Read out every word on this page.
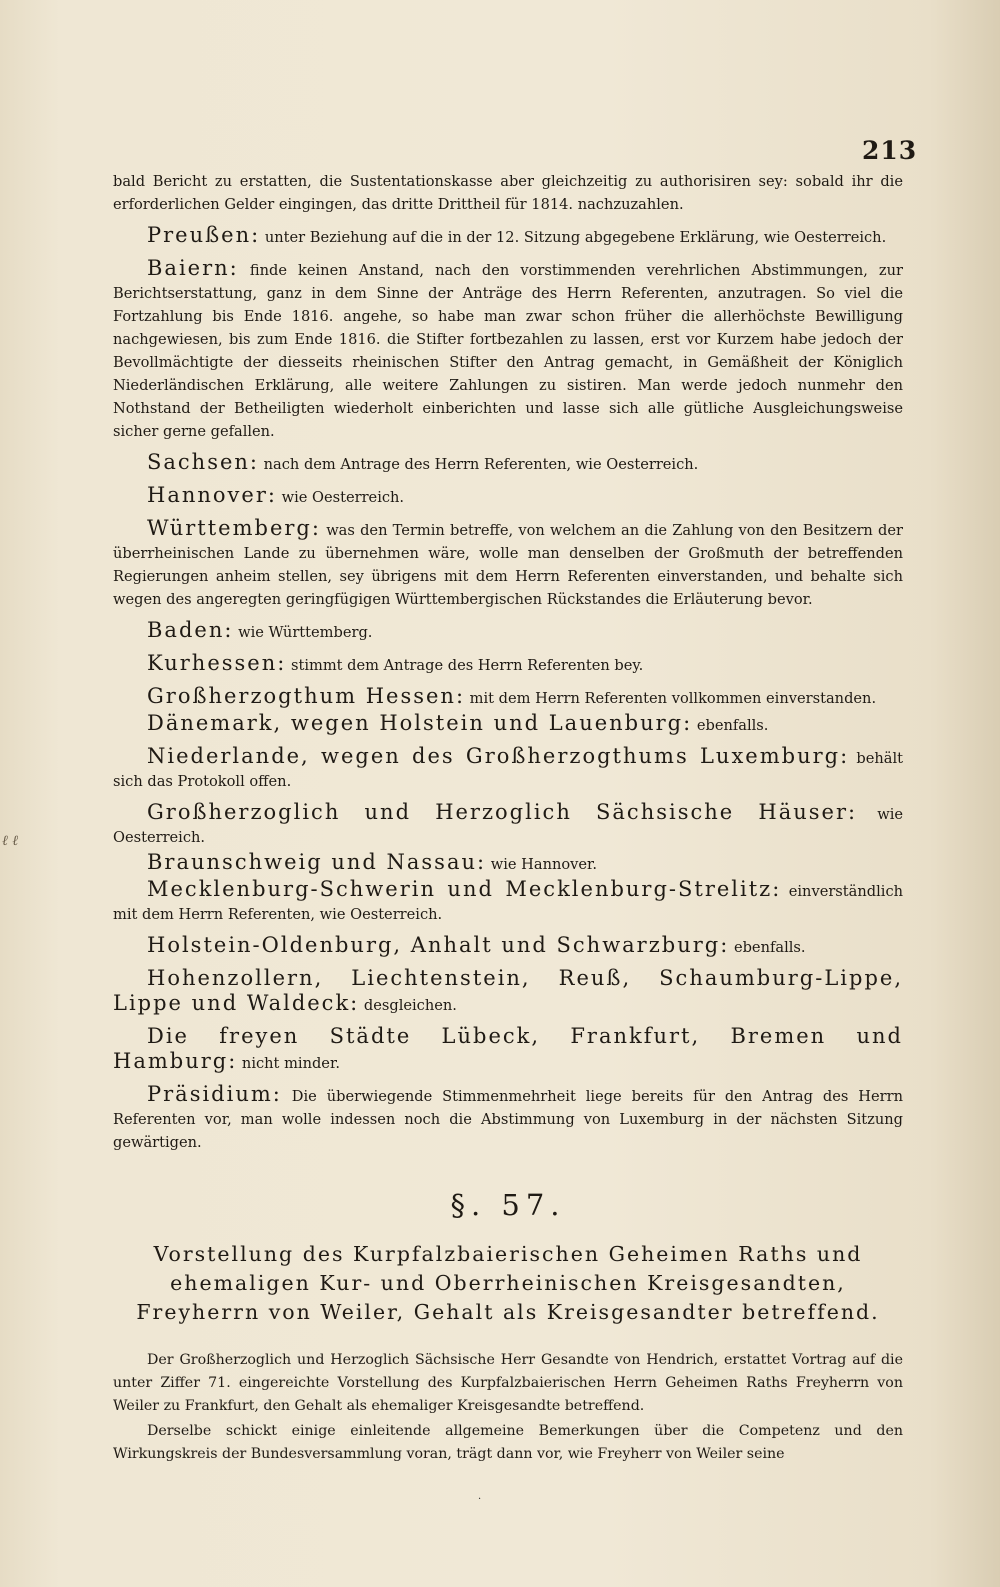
213
ℓ ℓ

bald Bericht zu erstatten, die Sustentationskasse aber gleichzeitig zu authorisiren sey: sobald ihr die erforderlichen Gelder eingingen, das dritte Drittheil für 1814. nachzuzahlen.

Preußen: unter Beziehung auf die in der 12. Sitzung abgegebene Erklärung, wie Oesterreich.

Baiern: finde keinen Anstand, nach den vorstimmenden verehrlichen Abstimmungen, zur Berichtserstattung, ganz in dem Sinne der Anträge des Herrn Referenten, anzutragen. So viel die Fortzahlung bis Ende 1816. angehe, so habe man zwar schon früher die allerhöchste Bewilligung nachgewiesen, bis zum Ende 1816. die Stifter fortbezahlen zu lassen, erst vor Kurzem habe jedoch der Bevollmächtigte der diesseits rheinischen Stifter den Antrag gemacht, in Gemäßheit der Königlich Niederländischen Erklärung, alle weitere Zahlungen zu sistiren. Man werde jedoch nunmehr den Nothstand der Betheiligten wiederholt einberichten und lasse sich alle gütliche Ausgleichungsweise sicher gerne gefallen.

Sachsen: nach dem Antrage des Herrn Referenten, wie Oesterreich.

Hannover: wie Oesterreich.

Württemberg: was den Termin betreffe, von welchem an die Zahlung von den Besitzern der überrheinischen Lande zu übernehmen wäre, wolle man denselben der Großmuth der betreffenden Regierungen anheim stellen, sey übrigens mit dem Herrn Referenten einverstanden, und behalte sich wegen des angeregten geringfügigen Württembergischen Rückstandes die Erläuterung bevor.

Baden: wie Württemberg.

Kurhessen: stimmt dem Antrage des Herrn Referenten bey.

Großherzogthum Hessen: mit dem Herrn Referenten vollkommen einverstanden.

Dänemark, wegen Holstein und Lauenburg: ebenfalls.

Niederlande, wegen des Großherzogthums Luxemburg: behält sich das Protokoll offen.

Großherzoglich und Herzoglich Sächsische Häuser: wie Oesterreich.

Braunschweig und Nassau: wie Hannover.

Mecklenburg-Schwerin und Mecklenburg-Strelitz: einverständlich mit dem Herrn Referenten, wie Oesterreich.

Holstein-Oldenburg, Anhalt und Schwarzburg: ebenfalls.

Hohenzollern, Liechtenstein, Reuß, Schaumburg-Lippe, Lippe und Waldeck: desgleichen.

Die freyen Städte Lübeck, Frankfurt, Bremen und Hamburg: nicht minder.

Präsidium: Die überwiegende Stimmenmehrheit liege bereits für den Antrag des Herrn Referenten vor, man wolle indessen noch die Abstimmung von Luxemburg in der nächsten Sitzung gewärtigen.

§. 57.
Vorstellung des Kurpfalzbaierischen Geheimen Raths und ehemaligen Kur- und Oberrheinischen Kreisgesandten, Freyherrn von Weiler, Gehalt als Kreisgesandter betreffend.

Der Großherzoglich und Herzoglich Sächsische Herr Gesandte von Hendrich, erstattet Vortrag auf die unter Ziffer 71. eingereichte Vorstellung des Kurpfalzbaierischen Herrn Geheimen Raths Freyherrn von Weiler zu Frankfurt, den Gehalt als ehemaliger Kreisgesandte betreffend.

Derselbe schickt einige einleitende allgemeine Bemerkungen über die Competenz und den Wirkungskreis der Bundesversammlung voran, trägt dann vor, wie Freyherr von Weiler seine

·
